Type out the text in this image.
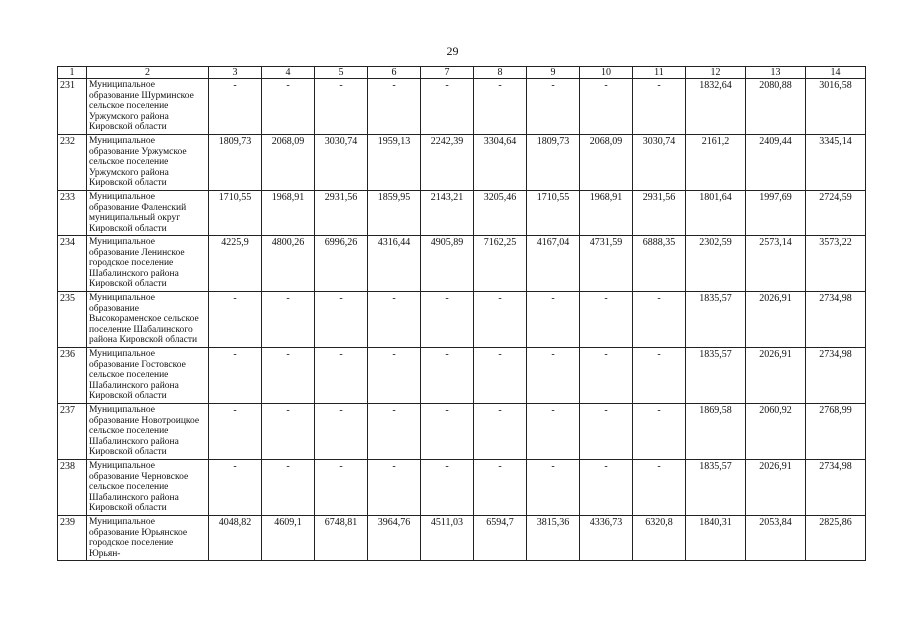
29
1	2	3	4	5	6	7	8	9	10	11	12	13	14
231	Муниципальное образование Шурминское сельское поселение Уржумского района Кировской области	-	-	-	-	-	-	-	-	-	1832,64	2080,88	3016,58
232	Муниципальное образование Уржумское сельское поселение Уржумского района Кировской области	1809,73	2068,09	3030,74	1959,13	2242,39	3304,64	1809,73	2068,09	3030,74	2161,2	2409,44	3345,14
233	Муниципальное образование Фаленский муниципальный округ Кировской области	1710,55	1968,91	2931,56	1859,95	2143,21	3205,46	1710,55	1968,91	2931,56	1801,64	1997,69	2724,59
234	Муниципальное образование Ленинское городское поселение Шабалинского района Кировской области	4225,9	4800,26	6996,26	4316,44	4905,89	7162,25	4167,04	4731,59	6888,35	2302,59	2573,14	3573,22
235	Муниципальное образование Высокораменское сельское поселение Шабалинского района Кировской области	-	-	-	-	-	-	-	-	-	1835,57	2026,91	2734,98
236	Муниципальное образование Гостовское сельское поселение Шабалинского района Кировской области	-	-	-	-	-	-	-	-	-	1835,57	2026,91	2734,98
237	Муниципальное образование Новотроицкое сельское поселение Шабалинского района Кировской области	-	-	-	-	-	-	-	-	-	1869,58	2060,92	2768,99
238	Муниципальное образование Черновское сельское поселение Шабалинского района Кировской области	-	-	-	-	-	-	-	-	-	1835,57	2026,91	2734,98
239	Муниципальное образование Юрьянское городское поселение Юрьян-	4048,82	4609,1	6748,81	3964,76	4511,03	6594,7	3815,36	4336,73	6320,8	1840,31	2053,84	2825,86
